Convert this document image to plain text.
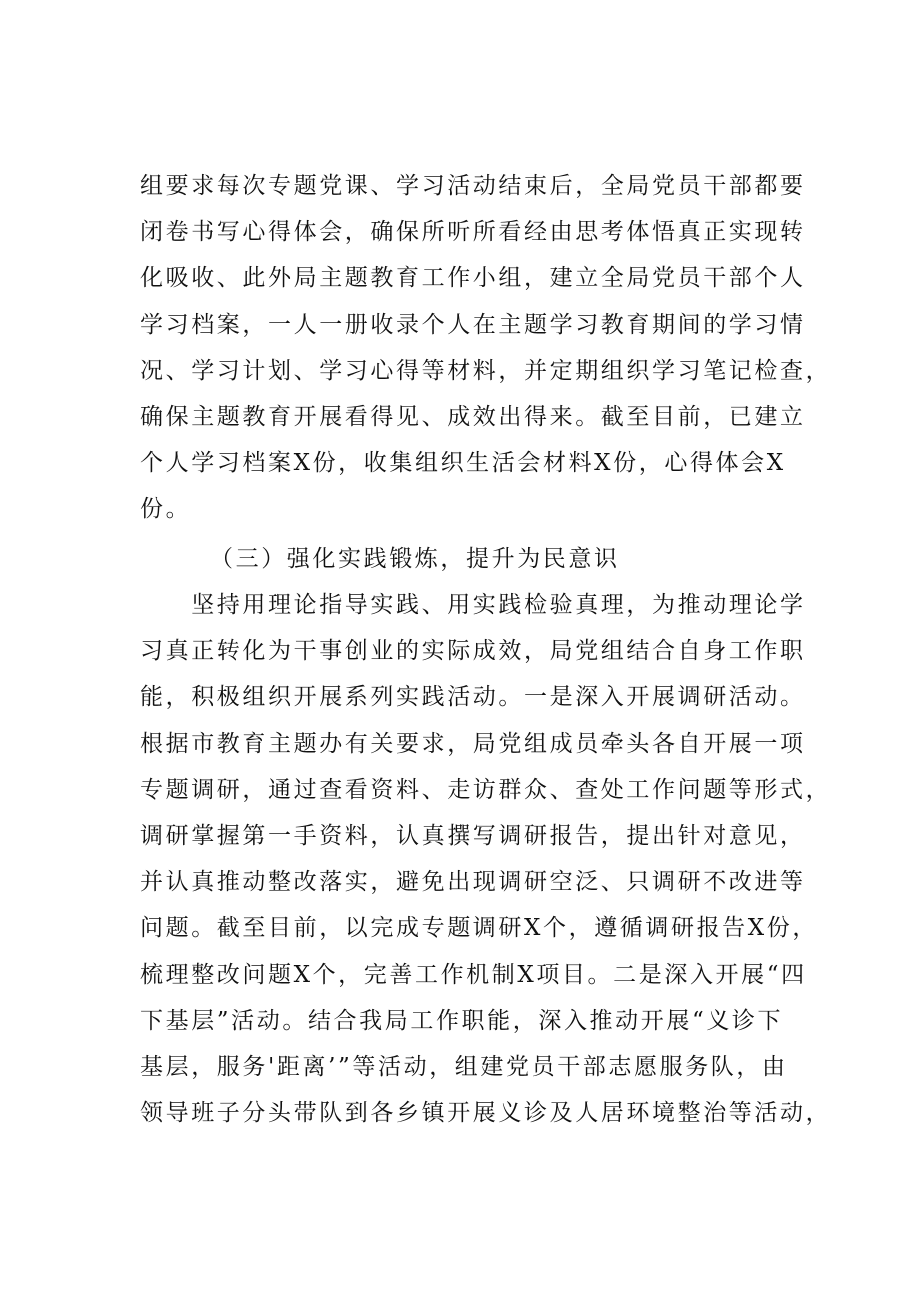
组要求每次专题党课、学习活动结束后，全局党员干部都要
闭卷书写心得体会，确保所听所看经由思考体悟真正实现转
化吸收、此外局主题教育工作小组，建立全局党员干部个人
学习档案，一人一册收录个人在主题学习教育期间的学习情
况、学习计划、学习心得等材料，并定期组织学习笔记检查，
确保主题教育开展看得见、成效出得来。截至目前，已建立
个人学习档案X份，收集组织生活会材料X份，心得体会X
份。
（三）强化实践锻炼，提升为民意识
　　坚持用理论指导实践、用实践检验真理，为推动理论学
习真正转化为干事创业的实际成效，局党组结合自身工作职
能，积极组织开展系列实践活动。一是深入开展调研活动。
根据市教育主题办有关要求，局党组成员牵头各自开展一项
专题调研，通过查看资料、走访群众、查处工作问题等形式，
调研掌握第一手资料，认真撰写调研报告，提出针对意见，
并认真推动整改落实，避免出现调研空泛、只调研不改进等
问题。截至目前，以完成专题调研X个，遵循调研报告X份，
梳理整改问题X个，完善工作机制X项目。二是深入开展“四
下基层”活动。结合我局工作职能，深入推动开展“义诊下
基层，服务'距离’”等活动，组建党员干部志愿服务队，由
领导班子分头带队到各乡镇开展义诊及人居环境整治等活动，
